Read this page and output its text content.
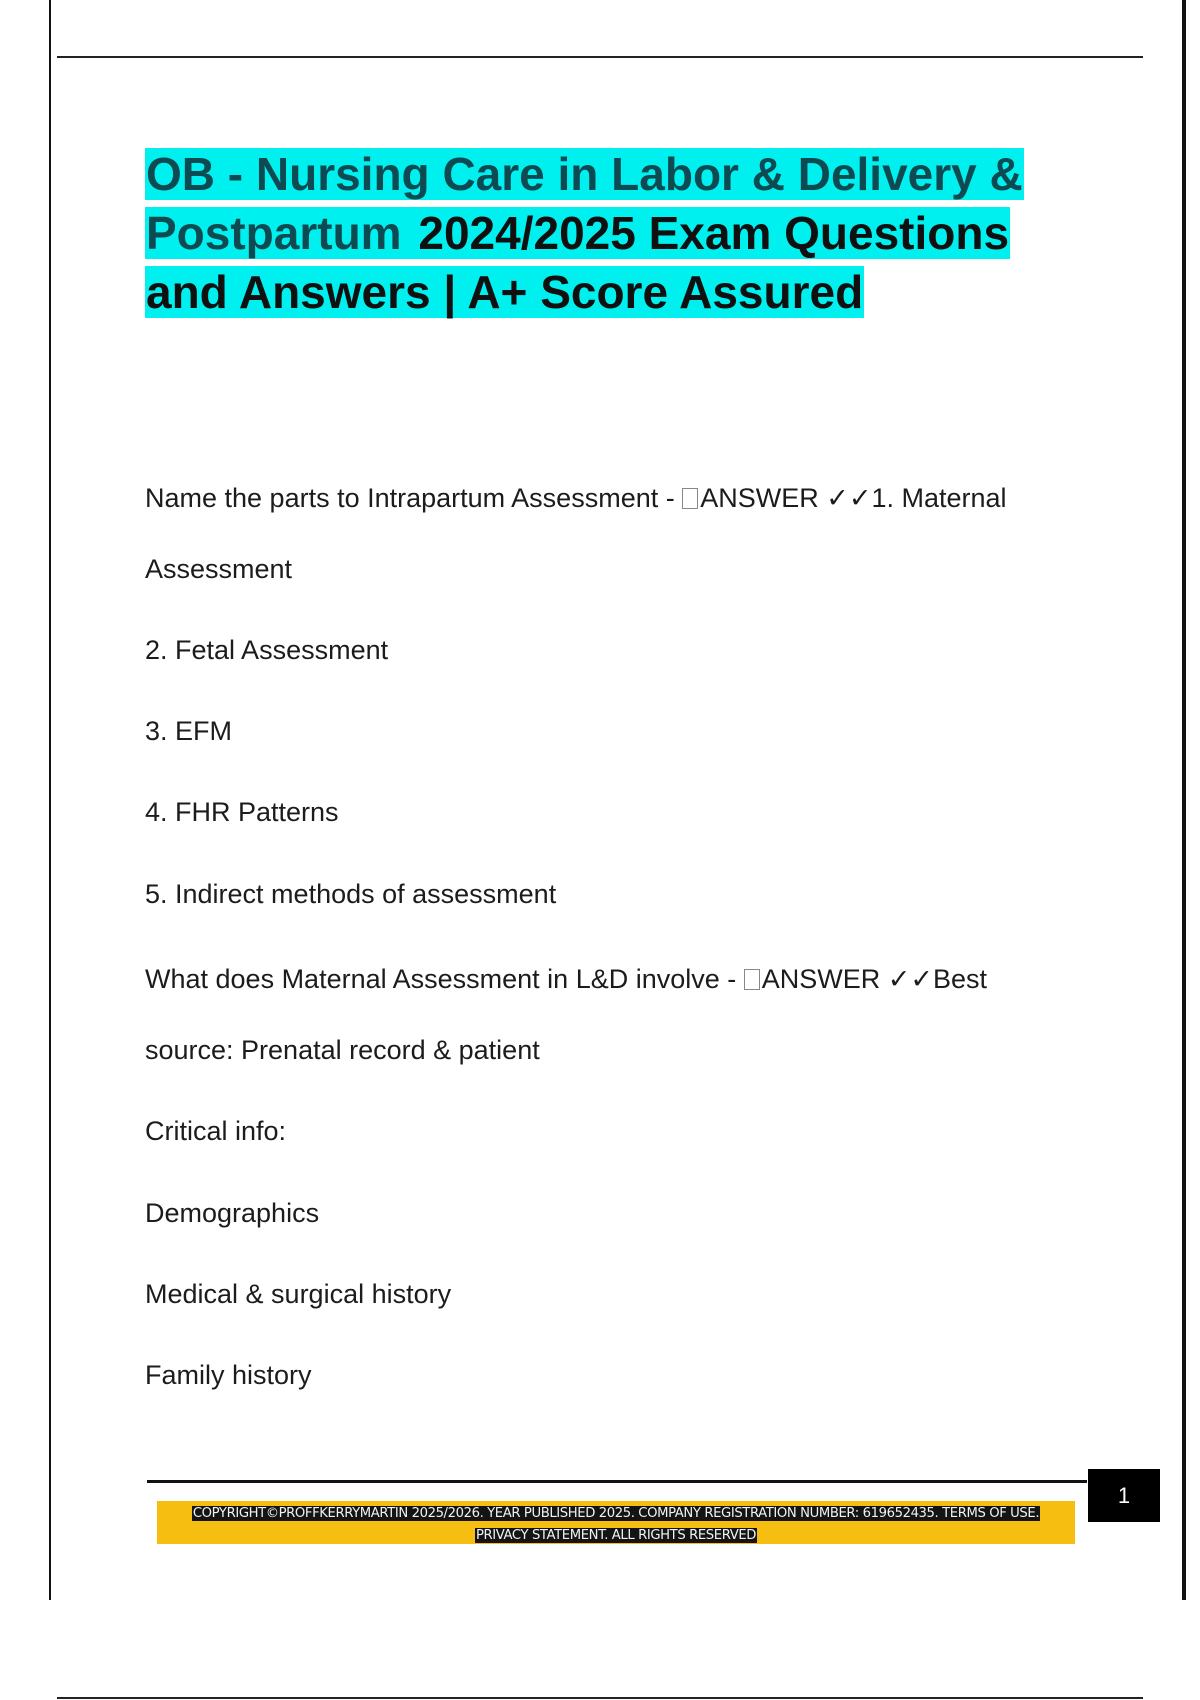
OB - Nursing Care in Labor & Delivery &
Postpartum 2024/2025 Exam Questions
and Answers | A+ Score Assured

Name the parts to Intrapartum Assessment - ANSWER ✓✓1. Maternal

Assessment

2. Fetal Assessment

3. EFM

4. FHR Patterns

5. Indirect methods of assessment

What does Maternal Assessment in L&D involve - ANSWER ✓✓Best

source: Prenatal record & patient

Critical info:

Demographics

Medical & surgical history

Family history

1

COPYRIGHT©PROFFKERRYMARTIN 2025/2026. YEAR PUBLISHED 2025. COMPANY REGISTRATION NUMBER: 619652435. TERMS OF USE.
PRIVACY STATEMENT. ALL RIGHTS RESERVED
